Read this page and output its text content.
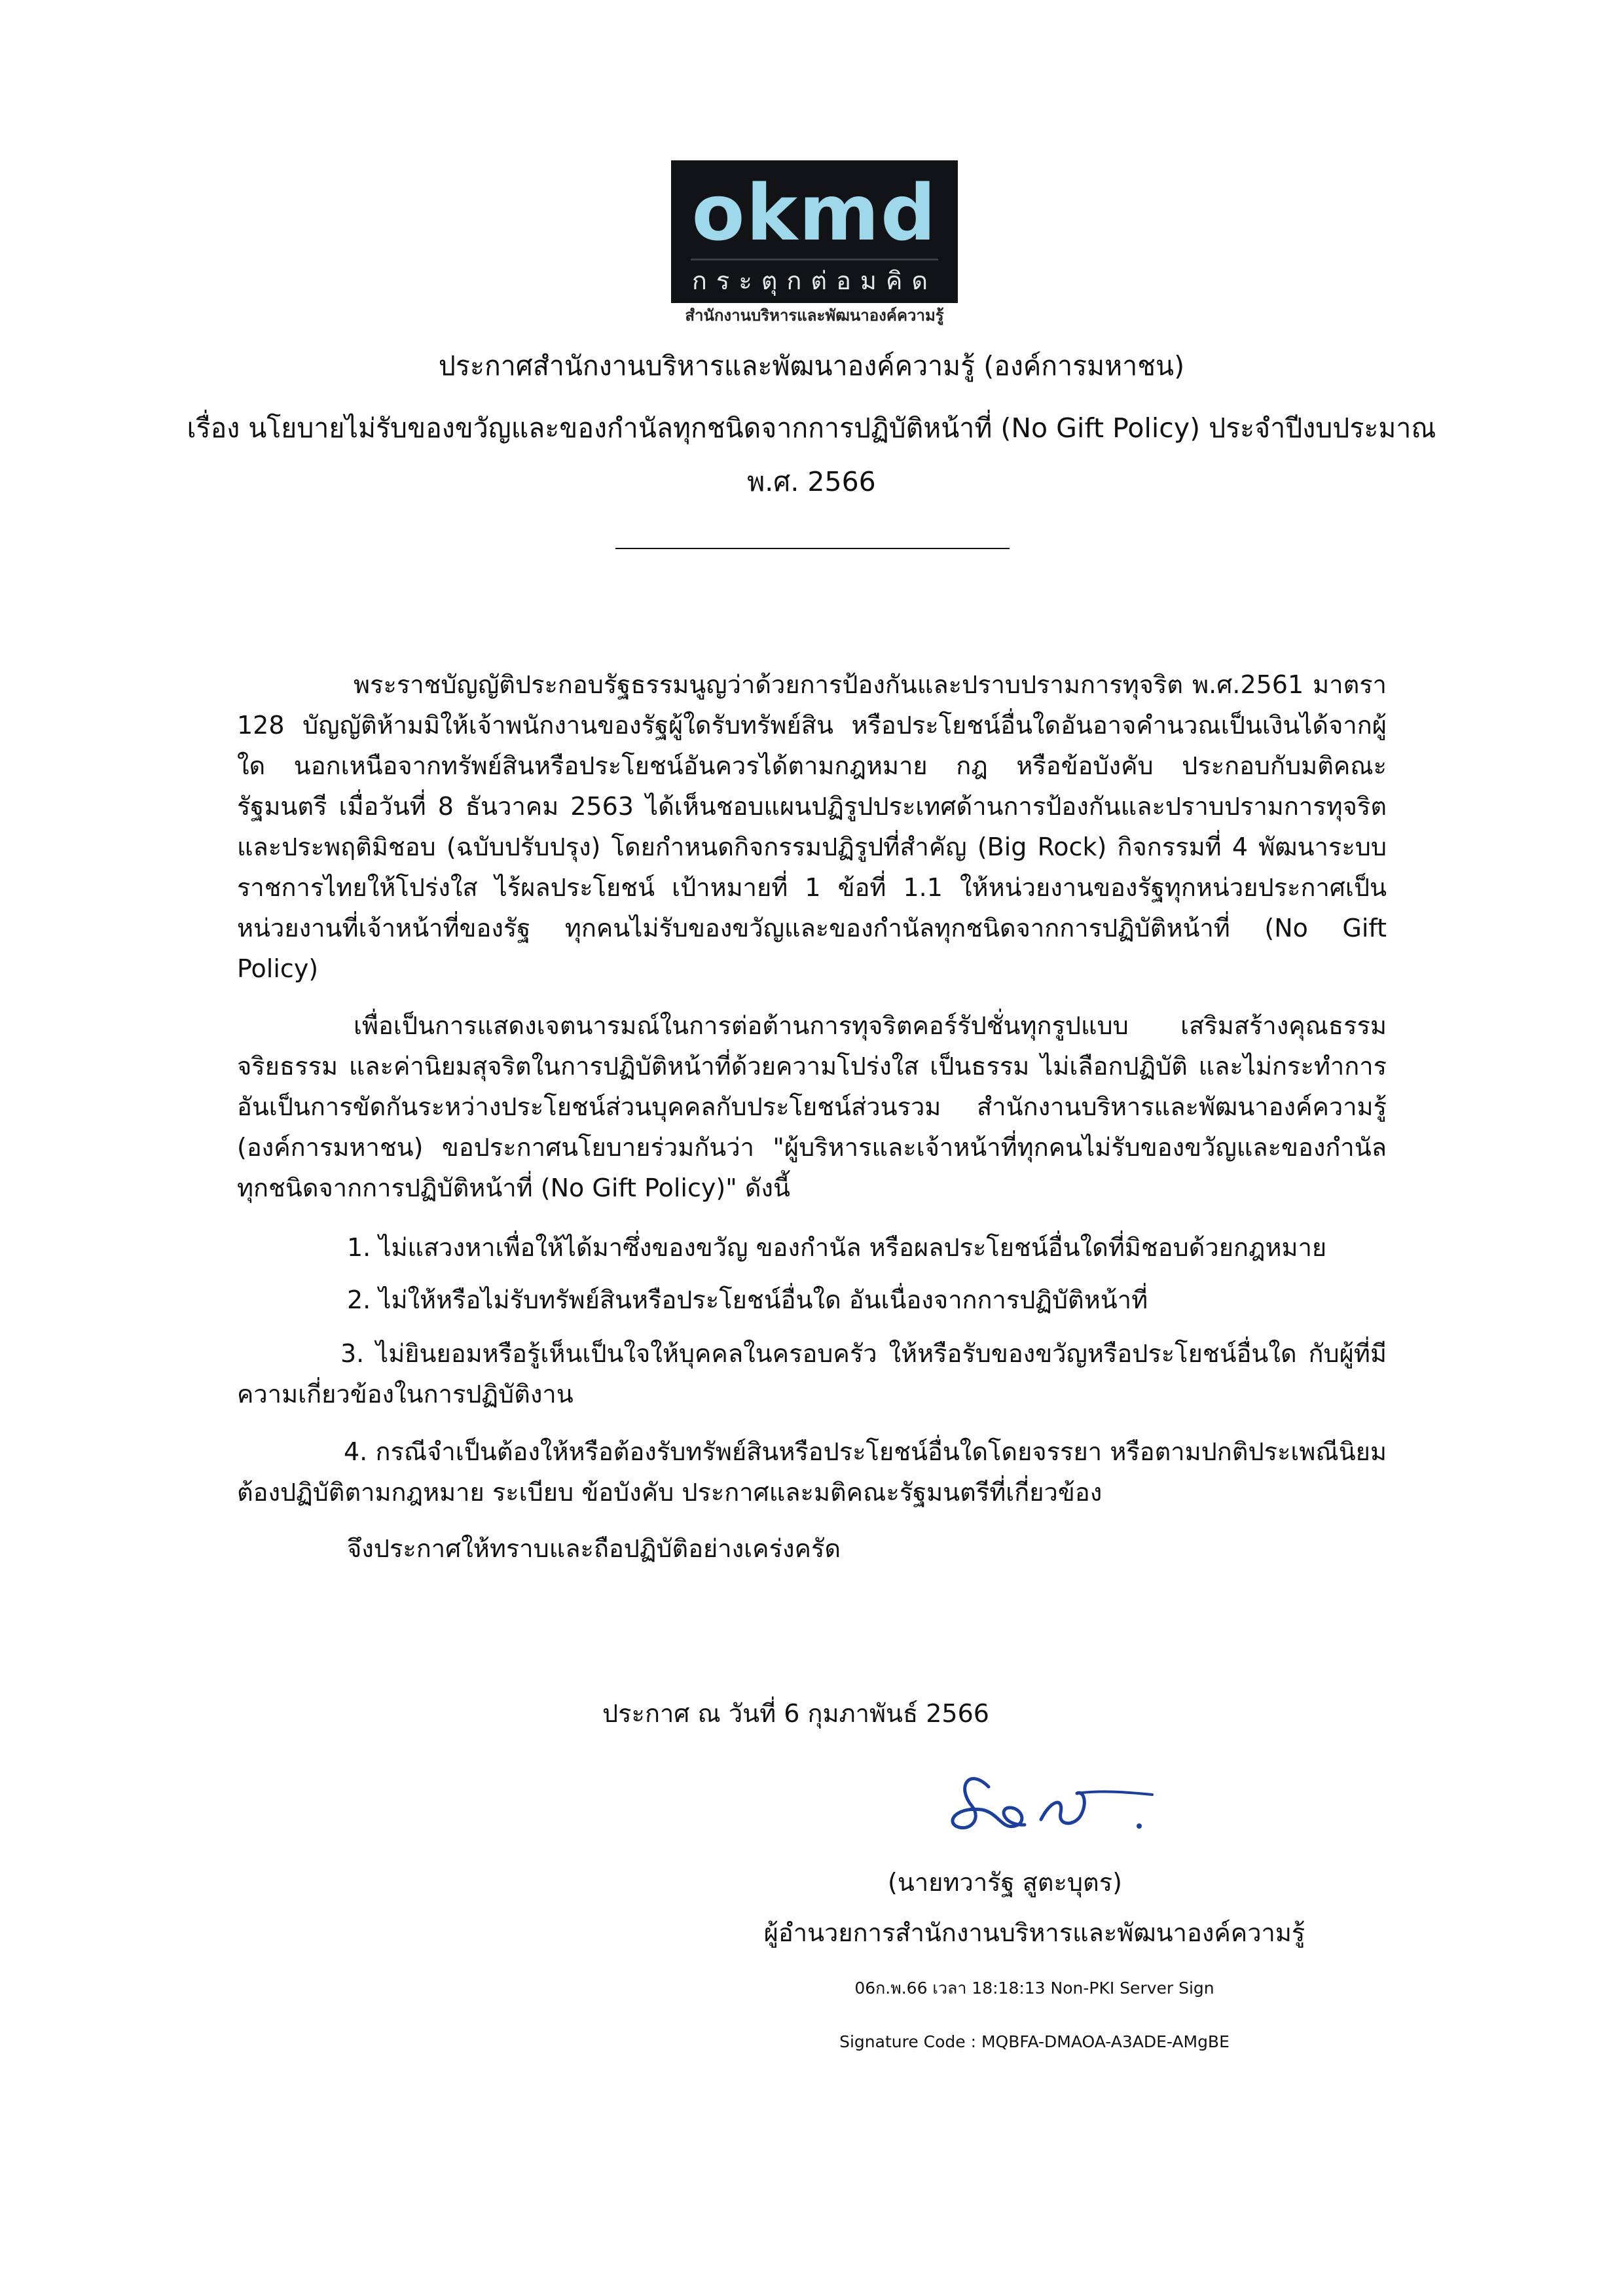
okmd
กระตุกต่อมคิด
สำนักงานบริหารและพัฒนาองค์ความรู้
ประกาศสำนักงานบริหารและพัฒนาองค์ความรู้ (องค์การมหาชน)
เรื่อง นโยบายไม่รับของขวัญและของกำนัลทุกชนิดจากการปฏิบัติหน้าที่ (No Gift Policy) ประจำปีงบประมาณ
พ.ศ. 2566

พระราชบัญญัติประกอบรัฐธรรมนูญว่าด้วยการป้องกันและปราบปรามการทุจริต พ.ศ.2561 มาตรา 128 บัญญัติห้ามมิให้เจ้าพนักงานของรัฐผู้ใดรับทรัพย์สิน หรือประโยชน์อื่นใดอันอาจคำนวณเป็นเงินได้จากผู้ใด นอกเหนือจากทรัพย์สินหรือประโยชน์อันควรได้ตามกฎหมาย กฎ หรือข้อบังคับ ประกอบกับมติคณะรัฐมนตรี เมื่อวันที่ 8 ธันวาคม 2563 ได้เห็นชอบแผนปฏิรูปประเทศด้านการป้องกันและปราบปรามการทุจริตและประพฤติมิชอบ (ฉบับปรับปรุง) โดยกำหนดกิจกรรมปฏิรูปที่สำคัญ (Big Rock) กิจกรรมที่ 4 พัฒนาระบบราชการไทยให้โปร่งใส ไร้ผลประโยชน์ เป้าหมายที่ 1 ข้อที่ 1.1 ให้หน่วยงานของรัฐทุกหน่วยประกาศเป็นหน่วยงานที่เจ้าหน้าที่ของรัฐ ทุกคนไม่รับของขวัญและของกำนัลทุกชนิดจากการปฏิบัติหน้าที่ (No Gift Policy)

เพื่อเป็นการแสดงเจตนารมณ์ในการต่อต้านการทุจริตคอร์รัปชั่นทุกรูปแบบ เสริมสร้างคุณธรรม จริยธรรม และค่านิยมสุจริตในการปฏิบัติหน้าที่ด้วยความโปร่งใส เป็นธรรม ไม่เลือกปฏิบัติ และไม่กระทำการอันเป็นการขัดกันระหว่างประโยชน์ส่วนบุคคลกับประโยชน์ส่วนรวม สำนักงานบริหารและพัฒนาองค์ความรู้ (องค์การมหาชน) ขอประกาศนโยบายร่วมกันว่า "ผู้บริหารและเจ้าหน้าที่ทุกคนไม่รับของขวัญและของกำนัลทุกชนิดจากการปฏิบัติหน้าที่ (No Gift Policy)" ดังนี้

1. ไม่แสวงหาเพื่อให้ได้มาซึ่งของขวัญ ของกำนัล หรือผลประโยชน์อื่นใดที่มิชอบด้วยกฎหมาย

2. ไม่ให้หรือไม่รับทรัพย์สินหรือประโยชน์อื่นใด อันเนื่องจากการปฏิบัติหน้าที่

3. ไม่ยินยอมหรือรู้เห็นเป็นใจให้บุคคลในครอบครัว ให้หรือรับของขวัญหรือประโยชน์อื่นใด กับผู้ที่มีความเกี่ยวข้องในการปฏิบัติงาน

4. กรณีจำเป็นต้องให้หรือต้องรับทรัพย์สินหรือประโยชน์อื่นใดโดยจรรยา หรือตามปกติประเพณีนิยม ต้องปฏิบัติตามกฎหมาย ระเบียบ ข้อบังคับ ประกาศและมติคณะรัฐมนตรีที่เกี่ยวข้อง

จึงประกาศให้ทราบและถือปฏิบัติอย่างเคร่งครัด
ประกาศ ณ วันที่ 6 กุมภาพันธ์ 2566
(นายทวารัฐ สูตะบุตร)
ผู้อำนวยการสำนักงานบริหารและพัฒนาองค์ความรู้
06ก.พ.66 เวลา 18:18:13 Non-PKI Server Sign
Signature Code : MQBFA-DMAOA-A3ADE-AMgBE
